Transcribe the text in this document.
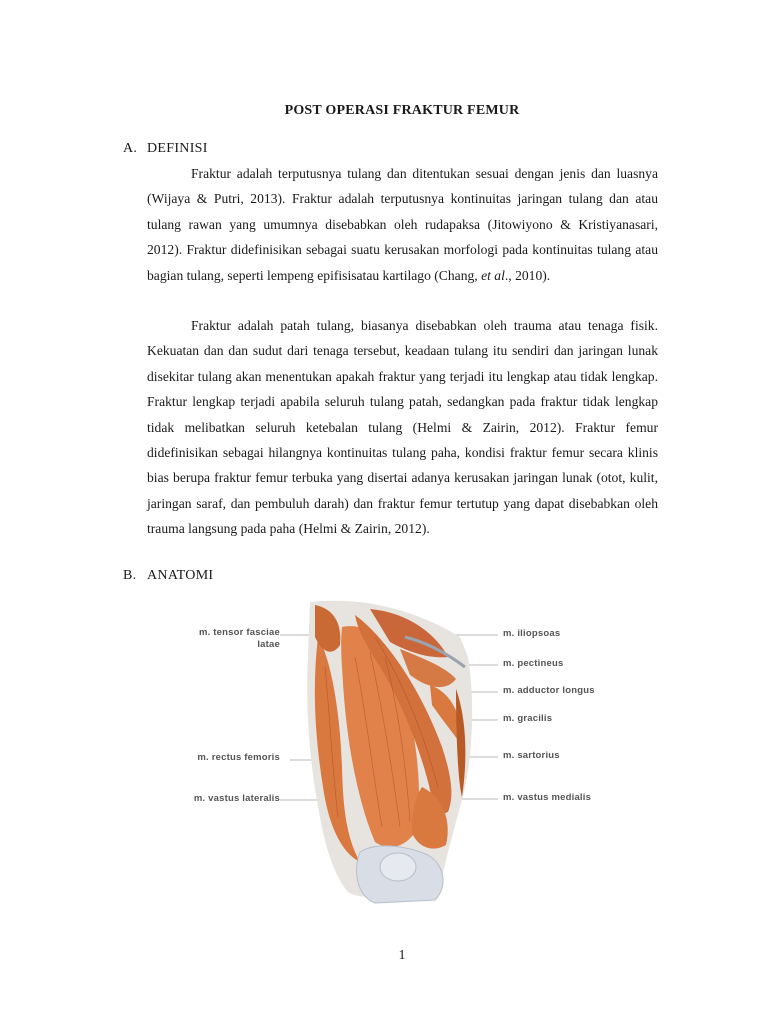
POST OPERASI FRAKTUR FEMUR
A. DEFINISI

Fraktur adalah terputusnya tulang dan ditentukan sesuai dengan jenis dan luasnya (Wijaya & Putri, 2013). Fraktur adalah terputusnya kontinuitas jaringan tulang dan atau tulang rawan yang umumnya disebabkan oleh rudapaksa (Jitowiyono & Kristiyanasari, 2012). Fraktur didefinisikan sebagai suatu kerusakan morfologi pada kontinuitas tulang atau bagian tulang, seperti lempeng epifisisatau kartilago (Chang, et al., 2010).

Fraktur adalah patah tulang, biasanya disebabkan oleh trauma atau tenaga fisik. Kekuatan dan dan sudut dari tenaga tersebut, keadaan tulang itu sendiri dan jaringan lunak disekitar tulang akan menentukan apakah fraktur yang terjadi itu lengkap atau tidak lengkap. Fraktur lengkap terjadi apabila seluruh tulang patah, sedangkan pada fraktur tidak lengkap tidak melibatkan seluruh ketebalan tulang (Helmi & Zairin, 2012). Fraktur femur didefinisikan sebagai hilangnya kontinuitas tulang paha, kondisi fraktur femur secara klinis bias berupa fraktur femur terbuka yang disertai adanya kerusakan jaringan lunak (otot, kulit, jaringan saraf, dan pembuluh darah) dan fraktur femur tertutup yang dapat disebabkan oleh trauma langsung pada paha (Helmi & Zairin, 2012).

B. ANATOMI
m. tensor fasciae
latae
m. rectus femoris
m. vastus lateralis
m. iliopsoas
m. pectineus
m. adductor longus
m. gracilis
m. sartorius
m. vastus medialis
1
